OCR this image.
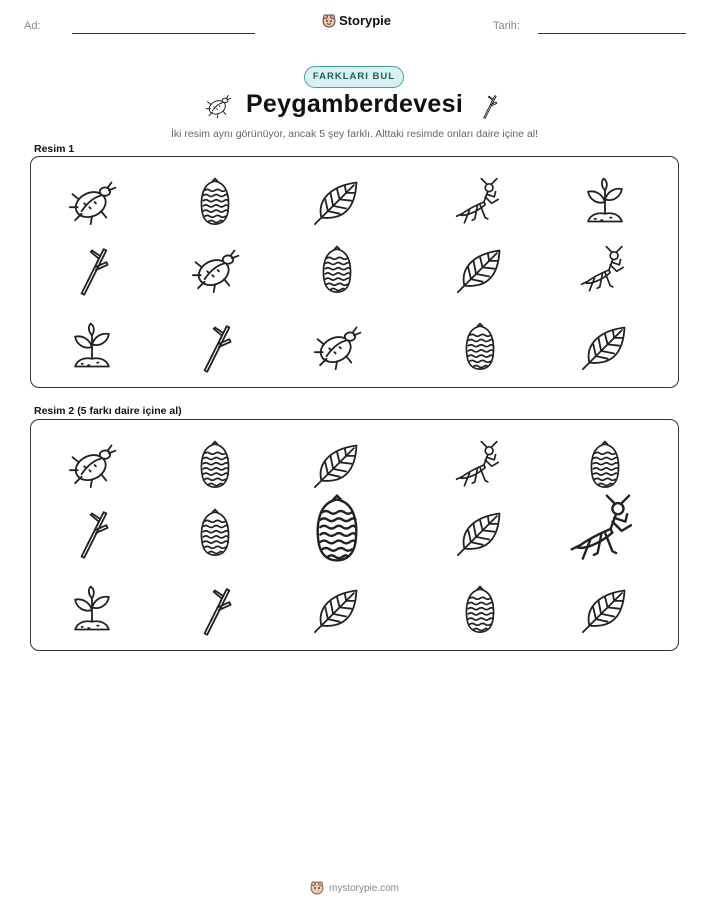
Ad:	Storypie	Tarih:
FARKLARI BUL
Peygamberdevesi
İki resim aynı görünüyor, ancak 5 şey farklı. Alttaki resimde onları daire içine al!
Resim 1
Resim 2 (5 farkı daire içine al)
mystorypie.com
